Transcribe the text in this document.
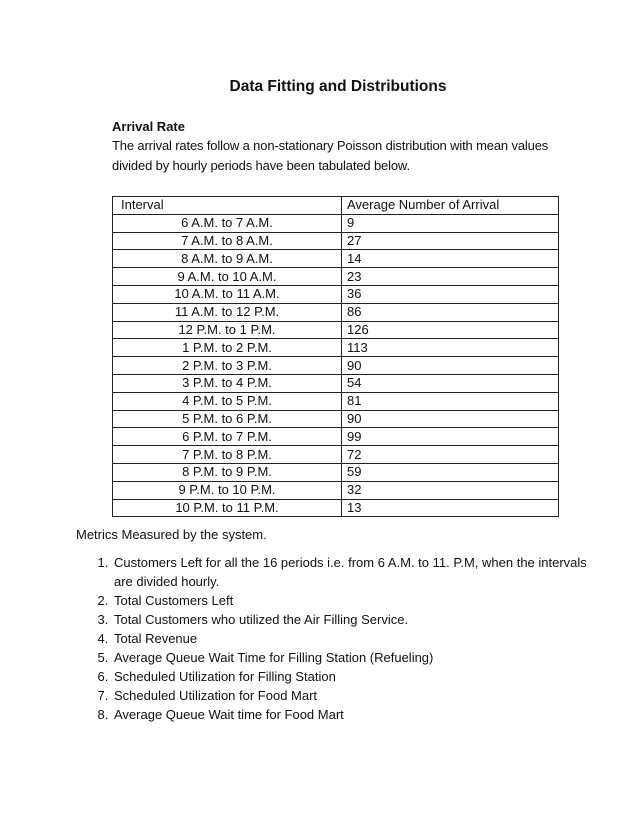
Data Fitting and Distributions
Arrival Rate
The arrival rates follow a non-stationary Poisson distribution with mean values divided by hourly periods have been tabulated below.
Interval	Average Number of Arrival
6 A.M. to 7 A.M.	9
7 A.M. to 8 A.M.	27
8 A.M. to 9 A.M.	14
9 A.M. to 10 A.M.	23
10 A.M. to 11 A.M.	36
11 A.M. to 12 P.M.	86
12 P.M. to 1 P.M.	126
1 P.M. to 2 P.M.	113
2 P.M. to 3 P.M.	90
3 P.M. to 4 P.M.	54
4 P.M. to 5 P.M.	81
5 P.M. to 6 P.M.	90
6 P.M. to 7 P.M.	99
7 P.M. to 8 P.M.	72
8 P.M. to 9 P.M.	59
9 P.M. to 10 P.M.	32
10 P.M. to 11 P.M.	13
Metrics Measured by the system.
1. Customers Left for all the 16 periods i.e. from 6 A.M. to 11. P.M, when the intervals are divided hourly.
2. Total Customers Left
3. Total Customers who utilized the Air Filling Service.
4. Total Revenue
5. Average Queue Wait Time for Filling Station (Refueling)
6. Scheduled Utilization for Filling Station
7. Scheduled Utilization for Food Mart
8. Average Queue Wait time for Food Mart
